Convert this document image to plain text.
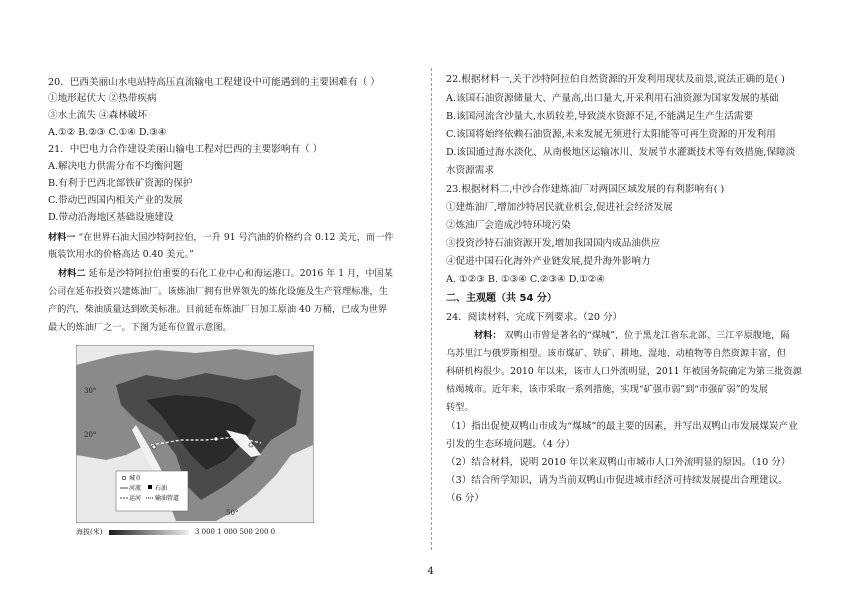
20．巴西美丽山水电站特高压直流输电工程建设中可能遇到的主要困难有（ ）
①地形起伏大 ②热带疾病
③水土流失 ④森林破坏
A.①② B.②③ C.①④ D.③④
21．中巴电力合作建设美丽山输电工程对巴西的主要影响有（ ）
A.解决电力供需分布不均衡问题
B.有利于巴西北部铁矿资源的保护
C.带动巴西国内相关产业的发展
D.带动沿海地区基础设施建设
材料一 “在世界石油大国沙特阿拉伯，一升 91 号汽油的价格约合 0.12 美元，而一件
瓶装饮用水的价格高达 0.40 美元。”
材料二 延布是沙特阿拉伯重要的石化工业中心和海运港口。2016 年 1 月，中国某
公司在延布投资兴建炼油厂。该炼油厂拥有世界领先的炼化设施及生产管理标准，生
产的汽、柴油质量达到欧美标准。目前延布炼油厂日加工原油 40 万桶，已成为世界
最大的炼油厂之一。下图为延布位置示意图。
30°
20°
50°
城市
河流
运河
石油
输油管道
海拔(米)	3 000 1 000 500 200 0
22.根据材料一,关于沙特阿拉伯自然资源的开发利用现状及前景,说法正确的是( )
A.该国石油资源储量大、产量高,出口量大,开采利用石油资源为国家发展的基础
B.该国河流含沙量大,水质较差,导致淡水资源不足,不能满足生产生活需要
C.该国将始终依赖石油资源,未来发展无须进行太阳能等可再生资源的开发利用
D.该国通过海水淡化、从南极地区运输冰川、发展节水灌溉技术等有效措施,保障淡
水资源需求
23.根据材料二,中沙合作建炼油厂对两国区域发展的有利影响有( )
①建炼油厂,增加沙特居民就业机会,促进社会经济发展
②炼油厂会造成沙特环境污染
③投资沙特石油资源开发,增加我国国内成品油供应
④促进中国石化海外产业链发展,提升海外影响力
A. ①②③ B. ①③④ C.②③④ D.①②④
二、主观题（共 54 分）
24．阅读材料，完成下列要求。（20 分）
材料： 双鸭山市曾是著名的“煤城”，位于黑龙江省东北部、三江平原腹地，隔
乌苏里江与俄罗斯相望。该市煤矿、铁矿、耕地、湿地、动植物等自然资源丰富，但
科研机构很少。2010 年以来，该市人口外流明显，2011 年被国务院确定为第三批资源
枯竭城市。近年来，该市采取一系列措施，实现“矿强市弱”到“市强矿弱”的发展
转型。
（1）指出促使双鸭山市成为“煤城”的最主要的因素，并写出双鸭山市发展煤炭产业
引发的生态环境问题。（4 分）
（2）结合材料，说明 2010 年以来双鸭山市城市人口外流明显的原因。（10 分）
（3）结合所学知识，请为当前双鸭山市促进城市经济可持续发展提出合理建议。
（6 分）
4
